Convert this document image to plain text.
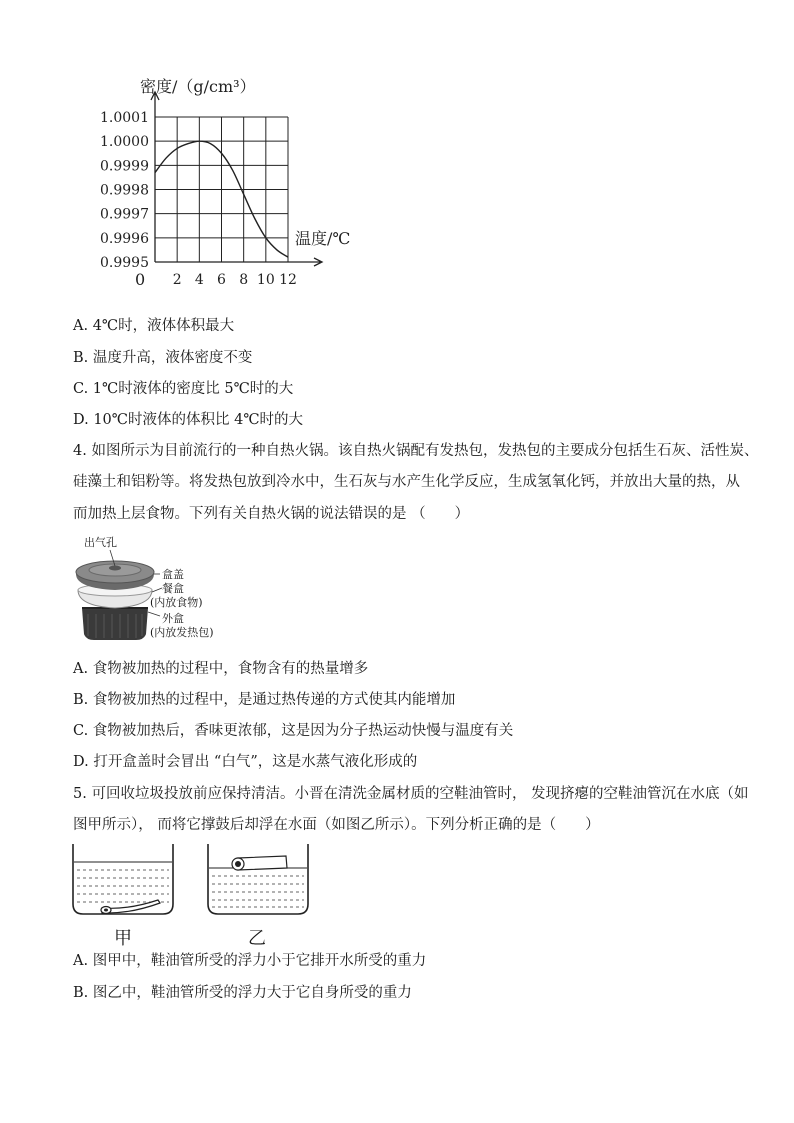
1.0001
1.0000
0.9999
0.9998
0.9997
0.9996
0.9995
2 4 6 8 10 12
密度/（g/cm³）
温度/℃
0
A. 4℃时，液体体积最大
B. 温度升高，液体密度不变
C. 1℃时液体的密度比 5℃时的大
D. 10℃时液体的体积比 4℃时的大
4. 如图所示为目前流行的一种自热火锅。该自热火锅配有发热包，发热包的主要成分包括生石灰、活性炭、
硅藻土和铝粉等。将发热包放到冷水中，生石灰与水产生化学反应，生成氢氧化钙，并放出大量的热，从
而加热上层食物。下列有关自热火锅的说法错误的是 （　　）
出气孔
盒盖
餐盒
(内放食物)
外盒
(内放发热包)
A. 食物被加热的过程中，食物含有的热量增多
B. 食物被加热的过程中，是通过热传递的方式使其内能增加
C. 食物被加热后，香味更浓郁，这是因为分子热运动快慢与温度有关
D. 打开盒盖时会冒出 “白气”，这是水蒸气液化形成的
5. 可回收垃圾投放前应保持清洁。小晋在清洗金属材质的空鞋油管时， 发现挤瘪的空鞋油管沉在水底（如
图甲所示）， 而将它撑鼓后却浮在水面（如图乙所示）。下列分析正确的是（　　）
甲	乙
A. 图甲中，鞋油管所受的浮力小于它排开水所受的重力
B. 图乙中，鞋油管所受的浮力大于它自身所受的重力
